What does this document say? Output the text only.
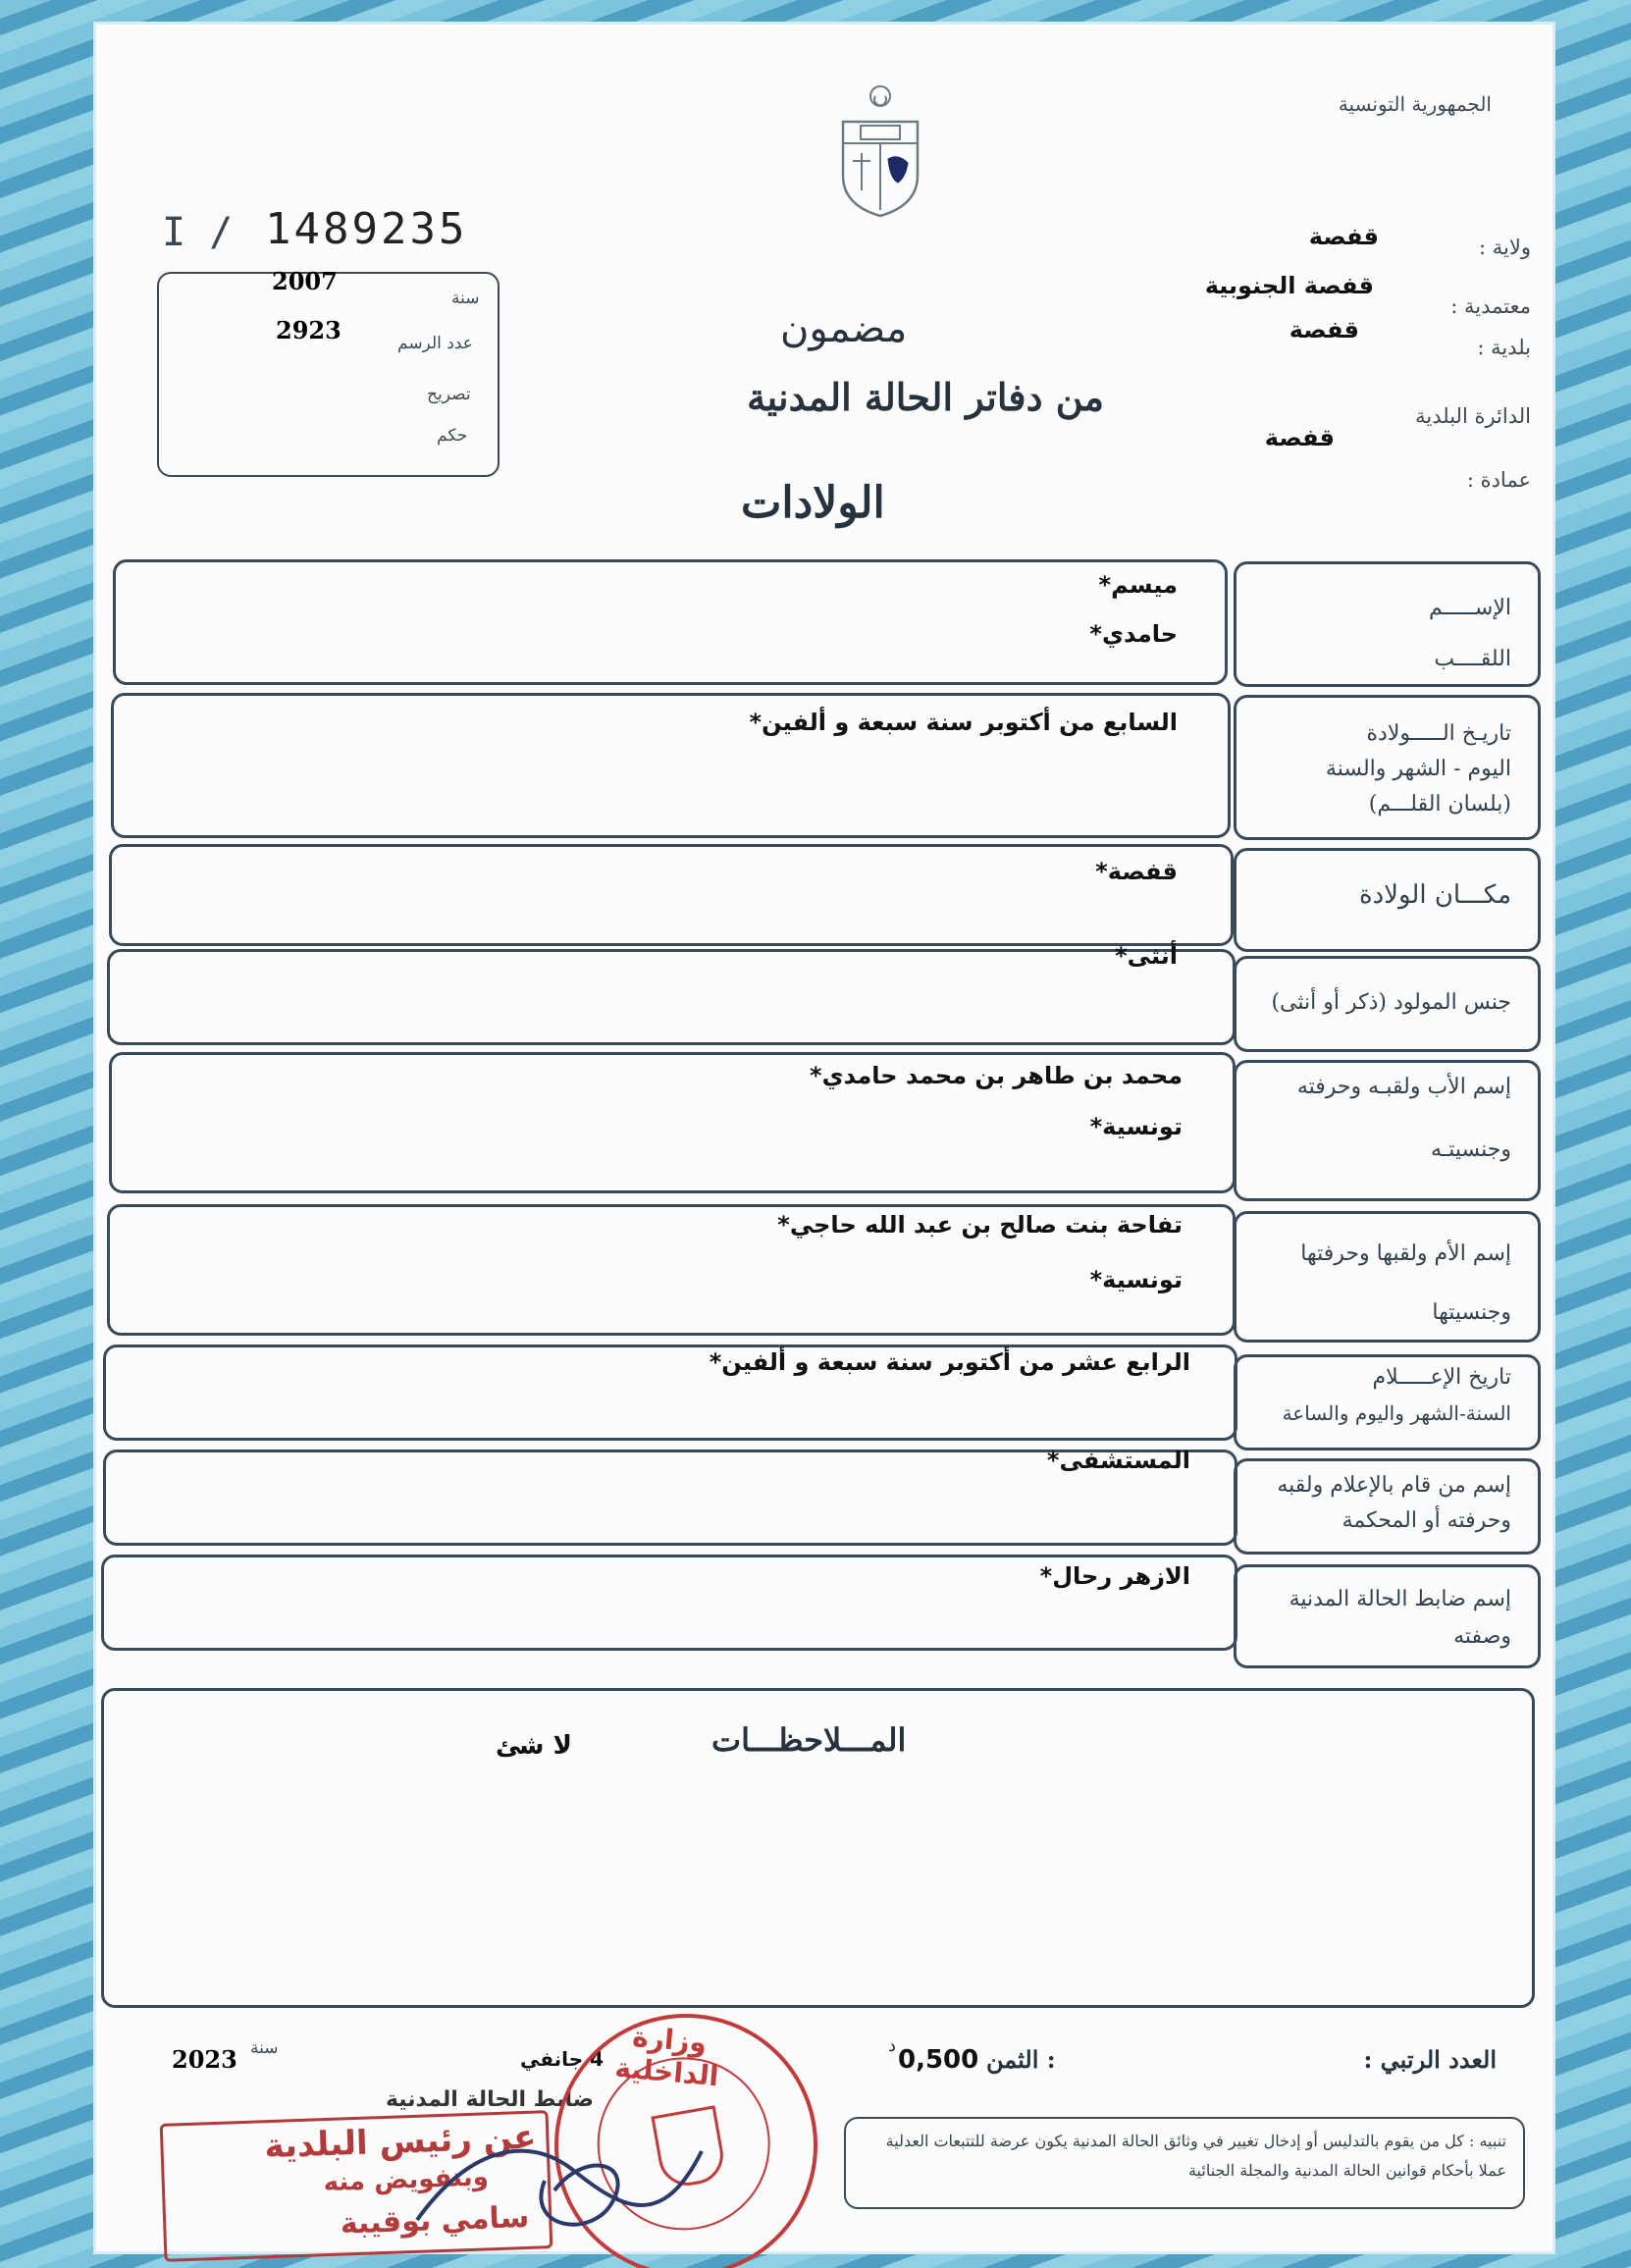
الجمهورية التونسية
I / 1489235
2007
سنة
2923	عدد الرسم
تصريح
حكم
مضمون
من دفاتر الحالة المدنية
الولادات
ولاية :
قفصة
معتمدية :
قفصة الجنوبية
بلدية :
قفصة
الدائرة البلدية
عمادة :
قفصة
الإســـــم
اللقــــب
ميسم*
حامدي*
تاريـخ الـــــولادة
اليوم - الشهر والسنة
(بلسان القلـــم)
السابع من أكتوبر سنة سبعة و ألفين*
مكـــان الولادة
قفصة*
جنس المولود (ذكر أو أنثى)
أنثى*
إسم الأب ولقبـه وحرفته
وجنسيتـه
محمد بن طاهر بن محمد حامدي*
تونسية*
إسم الأم ولقبها وحرفتها
وجنسيتها
تفاحة بنت صالح بن عبد الله حاجي*
تونسية*
تاريخ الإعـــــلام
السنة-الشهر واليوم والساعة
الرابع عشر من أكتوبر سنة سبعة و ألفين*
إسم من قام بالإعلام ولقبه
وحرفته أو المحكمة
المستشفى*
إسم ضابط الحالة المدنية
وصفته
الازهر رحال*
المـــلاحظـــات
لا شئ
العدد الرتبي :
الثمن :
0,500
د
سنة
2023	4 جانفي
ضابط الحالة المدنية
عن رئيس البلدية
وبتفويض منه
سامي بوقيبة
وزارة الداخلية
تنبيه : كل من يقوم بالتدليس أو إدخال تغيير في وثائق الحالة المدنية يكون عرضة للتتبعات العدلية عملا بأحكام قوانين الحالة المدنية والمجلة الجنائية
